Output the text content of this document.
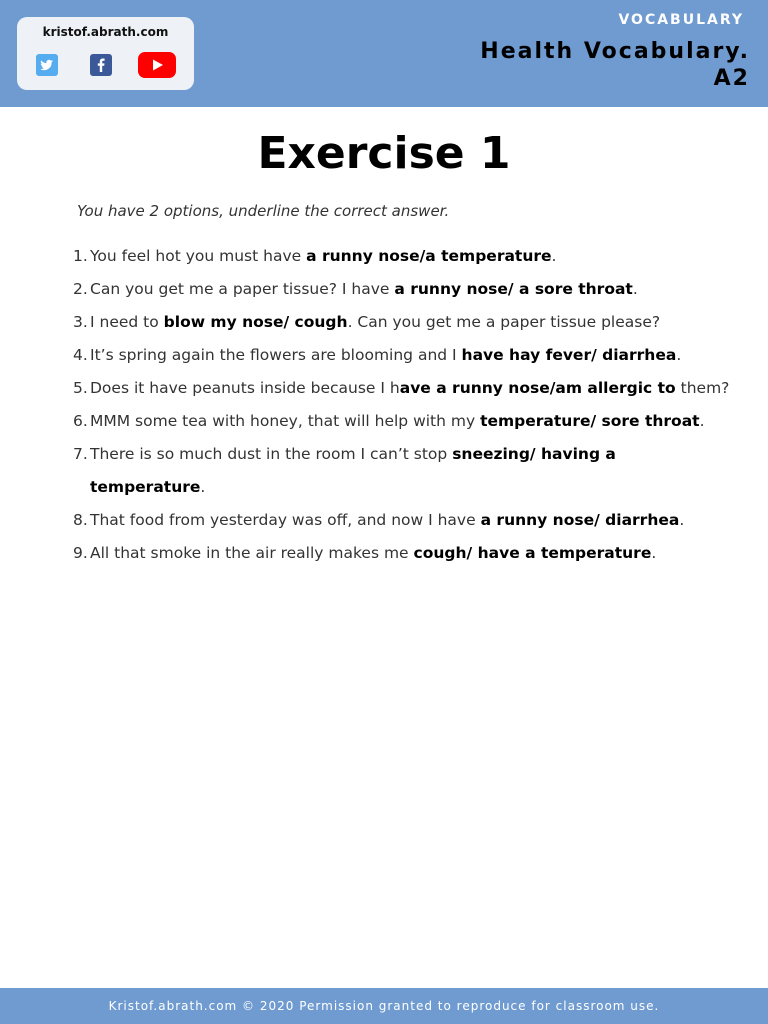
kristof.abrath.com
VOCABULARY
Health Vocabulary.
A2
Exercise 1
You have 2 options, underline the correct answer.
1. You feel hot you must have a runny nose/a temperature.
2. Can you get me a paper tissue? I have a runny nose/ a sore throat.
3. I need to blow my nose/ cough. Can you get me a paper tissue please?
4. It’s spring again the flowers are blooming and I have hay fever/ diarrhea.
5. Does it have peanuts inside because I have a runny nose/am allergic to them?
6. MMM some tea with honey, that will help with my temperature/ sore throat.
7. There is so much dust in the room I can’t stop sneezing/ having a temperature.
8. That food from yesterday was off, and now I have a runny nose/ diarrhea.
9. All that smoke in the air really makes me cough/ have a temperature.
Kristof.abrath.com © 2020 Permission granted to reproduce for classroom use.
